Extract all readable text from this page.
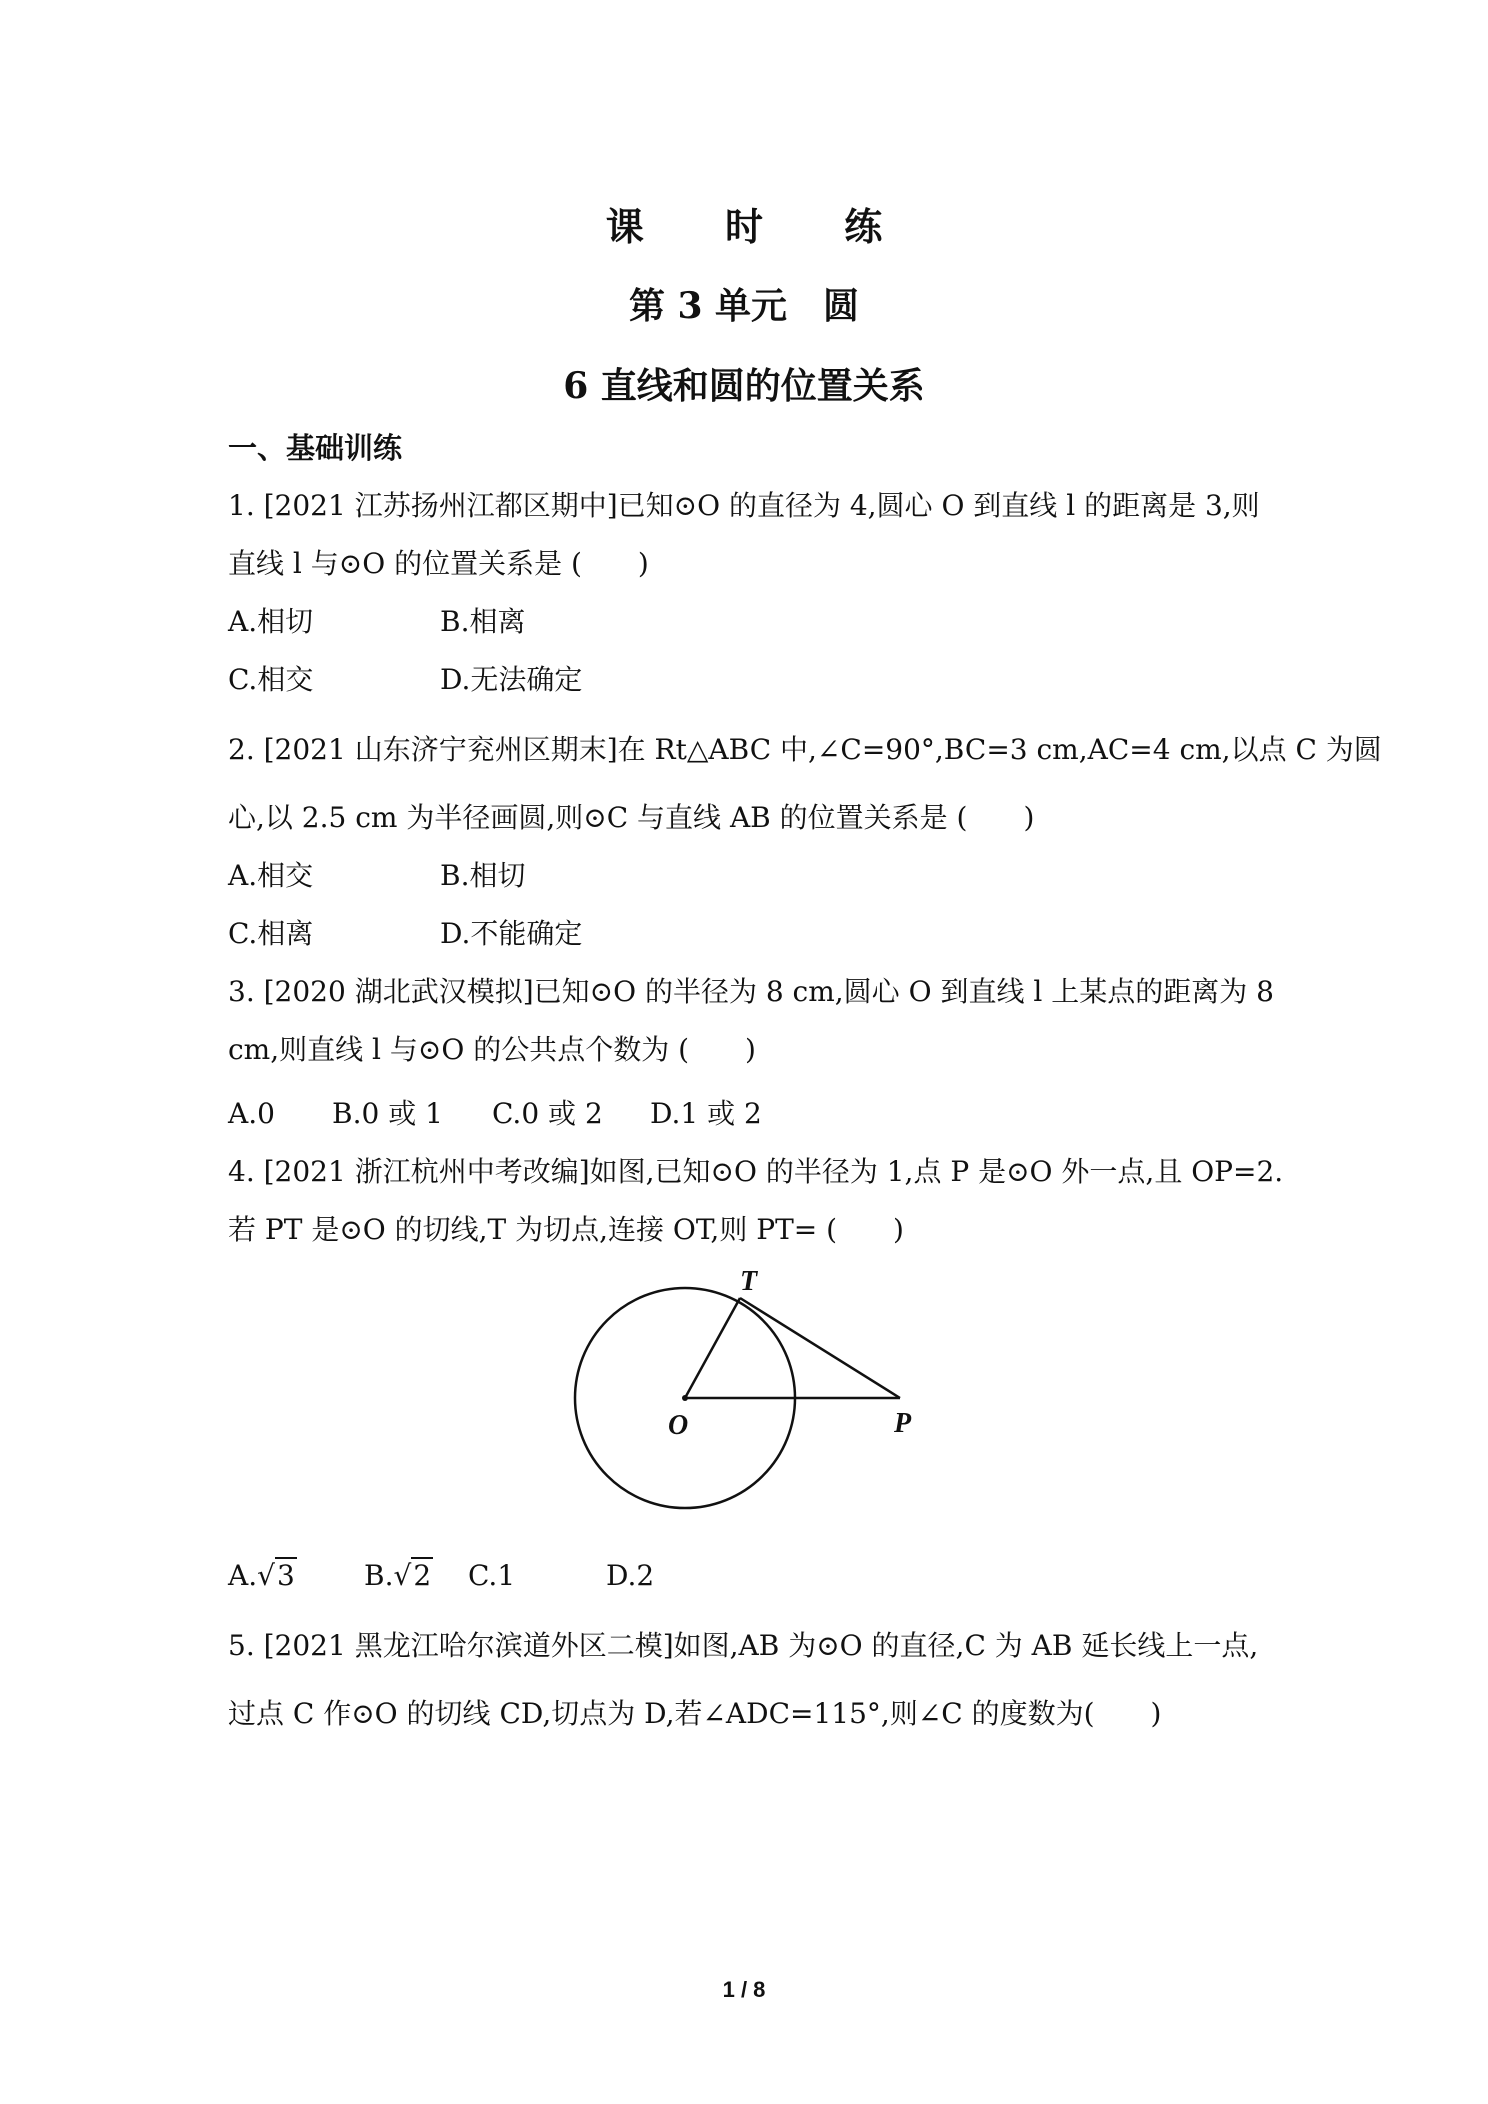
课 时 练
第 3 单元　圆
6 直线和圆的位置关系
一、基础训练
1. [2021 江苏扬州江都区期中]已知⊙O 的直径为 4,圆心 O 到直线 l 的距离是 3,则
直线 l 与⊙O 的位置关系是 (　　)
A.相切	B.相离
C.相交	D.无法确定
2. [2021 山东济宁兖州区期末]在 Rt△ABC 中,∠C=90°,BC=3 cm,AC=4 cm,以点 C 为圆
心,以 2.5 cm 为半径画圆,则⊙C 与直线 AB 的位置关系是 (　　)
A.相交	B.相切
C.相离	D.不能确定
3. [2020 湖北武汉模拟]已知⊙O 的半径为 8 cm,圆心 O 到直线 l 上某点的距离为 8
cm,则直线 l 与⊙O 的公共点个数为 (　　)
A.0 B.0 或 1 C.0 或 2 D.1 或 2
4. [2021 浙江杭州中考改编]如图,已知⊙O 的半径为 1,点 P 是⊙O 外一点,且 OP=2.
若 PT 是⊙O 的切线,T 为切点,连接 OT,则 PT= (　　)
T
O	P
A.√3 B.√2 C.1	D.2
5. [2021 黑龙江哈尔滨道外区二模]如图,AB 为⊙O 的直径,C 为 AB 延长线上一点,
过点 C 作⊙O 的切线 CD,切点为 D,若∠ADC=115°,则∠C 的度数为(　　)
1 / 8
